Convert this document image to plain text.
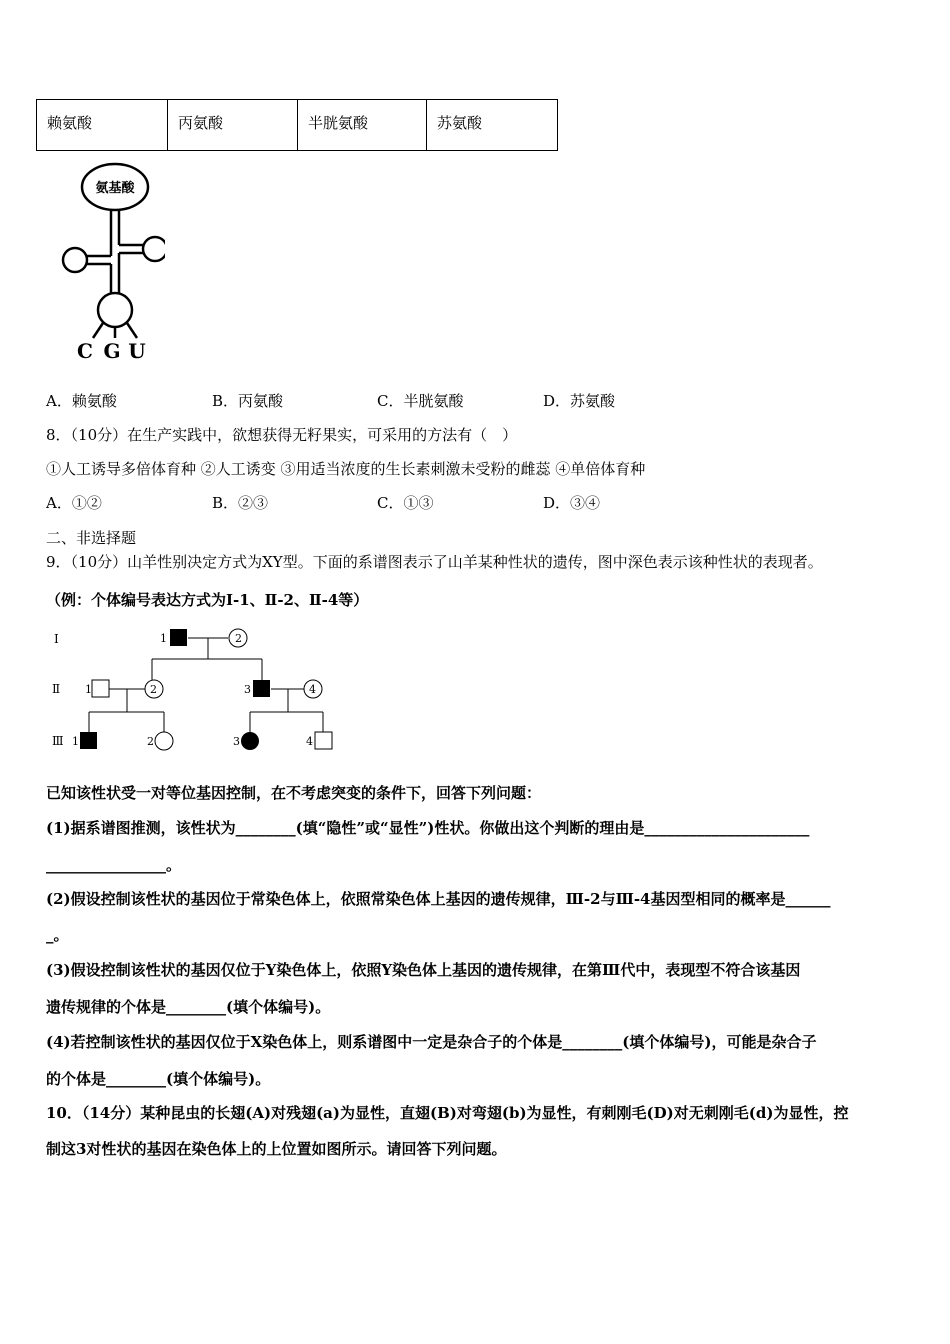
赖氨酸	丙氨酸	半胱氨酸	苏氨酸
氨基酸
C G U
A．赖氨酸	B．丙氨酸	C．半胱氨酸	D．苏氨酸
8．（10分）在生产实践中，欲想获得无籽果实，可采用的方法有（　）
①人工诱导多倍体育种 ②人工诱变 ③用适当浓度的生长素刺激未受粉的雌蕊 ④单倍体育种
A．①②	B．②③	C．①③	D．③④
二、非选择题
9．（10分）山羊性别决定方式为XY型。下面的系谱图表示了山羊某种性状的遗传，图中深色表示该种性状的表现者。
（例：个体编号表达方式为Ⅰ-1、Ⅱ-2、Ⅱ-4等）
Ⅰ
Ⅱ
Ⅲ
1	2
1	2	3	4
1	2	3	4
已知该性状受一对等位基因控制，在不考虑突变的条件下，回答下列问题：
(1)据系谱图推测，该性状为________(填“隐性”或“显性”)性状。你做出这个判断的理由是______________________
________________。
(2)假设控制该性状的基因位于常染色体上，依照常染色体上基因的遗传规律，Ⅲ-2与Ⅲ-4基因型相同的概率是______
_。
(3)假设控制该性状的基因仅位于Y染色体上，依照Y染色体上基因的遗传规律，在第Ⅲ代中，表现型不符合该基因
遗传规律的个体是________(填个体编号)。
(4)若控制该性状的基因仅位于X染色体上，则系谱图中一定是杂合子的个体是________(填个体编号)，可能是杂合子
的个体是________(填个体编号)。
10．（14分）某种昆虫的长翅(A)对残翅(a)为显性，直翅(B)对弯翅(b)为显性，有刺刚毛(D)对无刺刚毛(d)为显性，控
制这3对性状的基因在染色体上的上位置如图所示。请回答下列问题。
